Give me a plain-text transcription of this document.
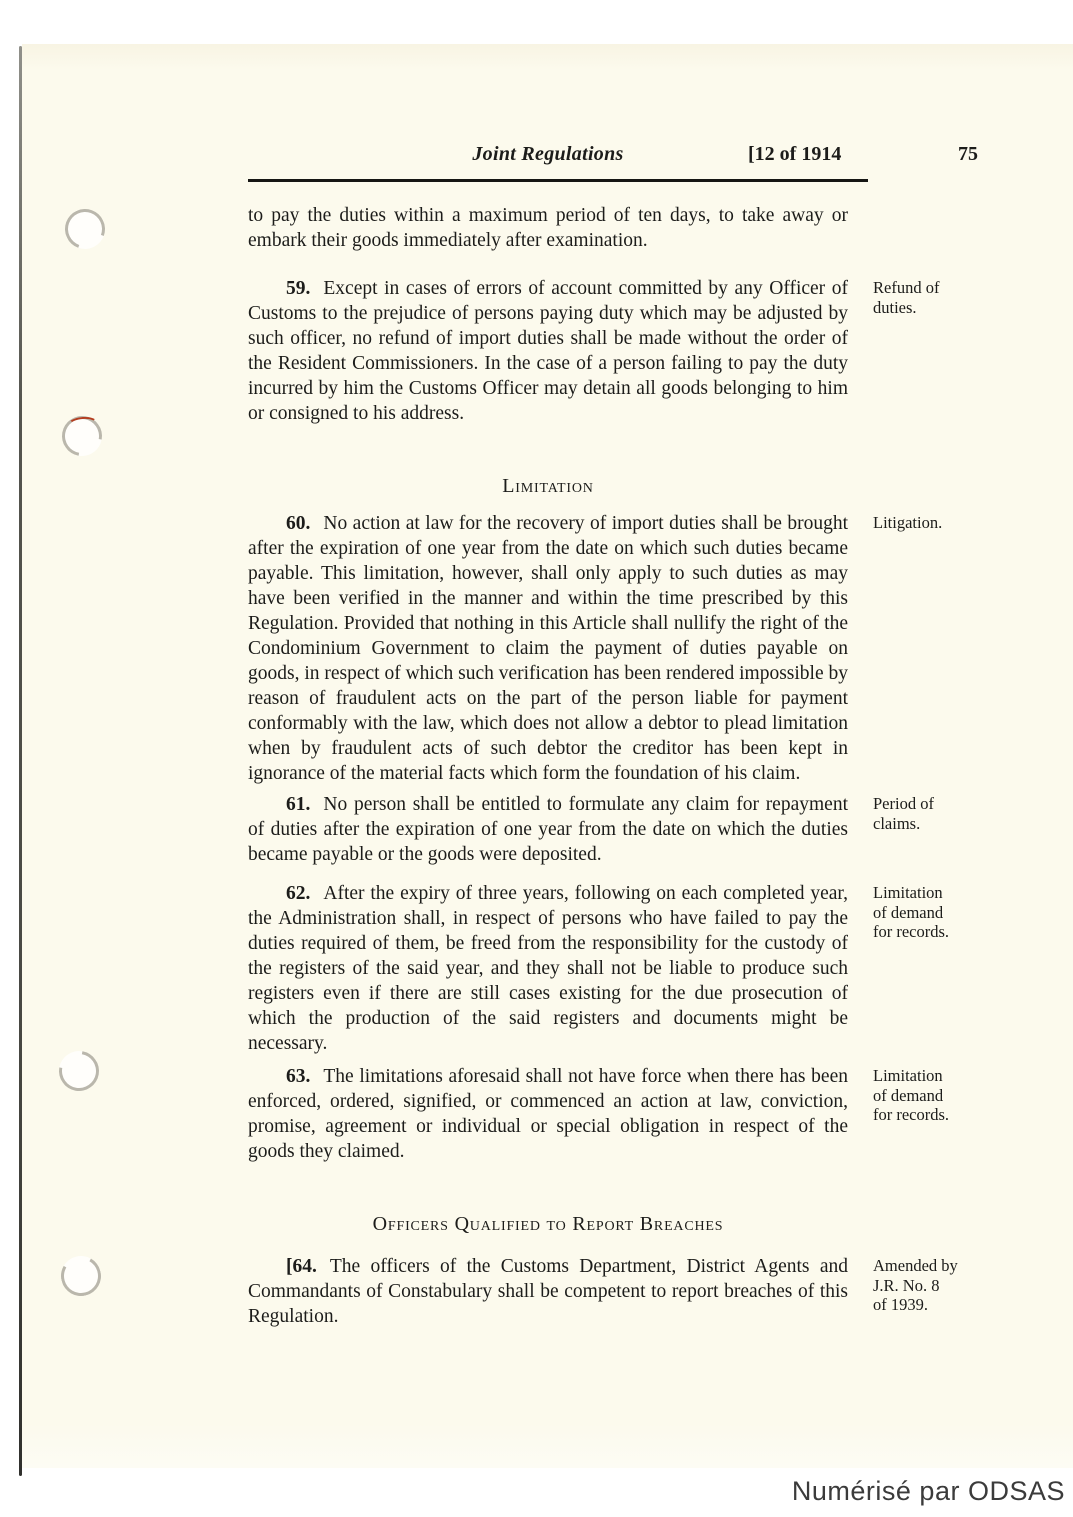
Joint Regulations	[12 of 1914	75
to pay the duties within a maximum period of ten days, to take away or embark their goods immediately after examination.
59. Except in cases of errors of account committed by any Officer of Customs to the prejudice of persons paying duty which may be adjusted by such officer, no refund of import duties shall be made without the order of the Resident Commissioners. In the case of a person failing to pay the duty incurred by him the Customs Officer may detain all goods belonging to him or consigned to his address.
Refund of
duties.
Limitation
60. No action at law for the recovery of import duties shall be brought after the expiration of one year from the date on which such duties became payable. This limitation, however, shall only apply to such duties as may have been verified in the manner and within the time prescribed by this Regulation. Provided that nothing in this Article shall nullify the right of the Condominium Government to claim the payment of duties payable on goods, in respect of which such verification has been rendered impossible by reason of fraudulent acts on the part of the person liable for payment conformably with the law, which does not allow a debtor to plead limitation when by fraudulent acts of such debtor the creditor has been kept in ignorance of the material facts which form the foundation of his claim.
Litigation.
61. No person shall be entitled to formulate any claim for repayment of duties after the expiration of one year from the date on which the duties became payable or the goods were deposited.
Period of
claims.
62. After the expiry of three years, following on each completed year, the Administration shall, in respect of persons who have failed to pay the duties required of them, be freed from the responsibility for the custody of the registers of the said year, and they shall not be liable to produce such registers even if there are still cases existing for the due prosecution of which the production of the said registers and documents might be necessary.
Limitation
of demand
for records.
63. The limitations aforesaid shall not have force when there has been enforced, ordered, signified, or commenced an action at law, conviction, promise, agreement or individual or special obligation in respect of the goods they claimed.
Limitation
of demand
for records.
Officers Qualified to Report Breaches
[64. The officers of the Customs Department, District Agents and Commandants of Constabulary shall be competent to report breaches of this Regulation.
Amended by
J.R. No. 8
of 1939.
Numérisé par ODSAS
